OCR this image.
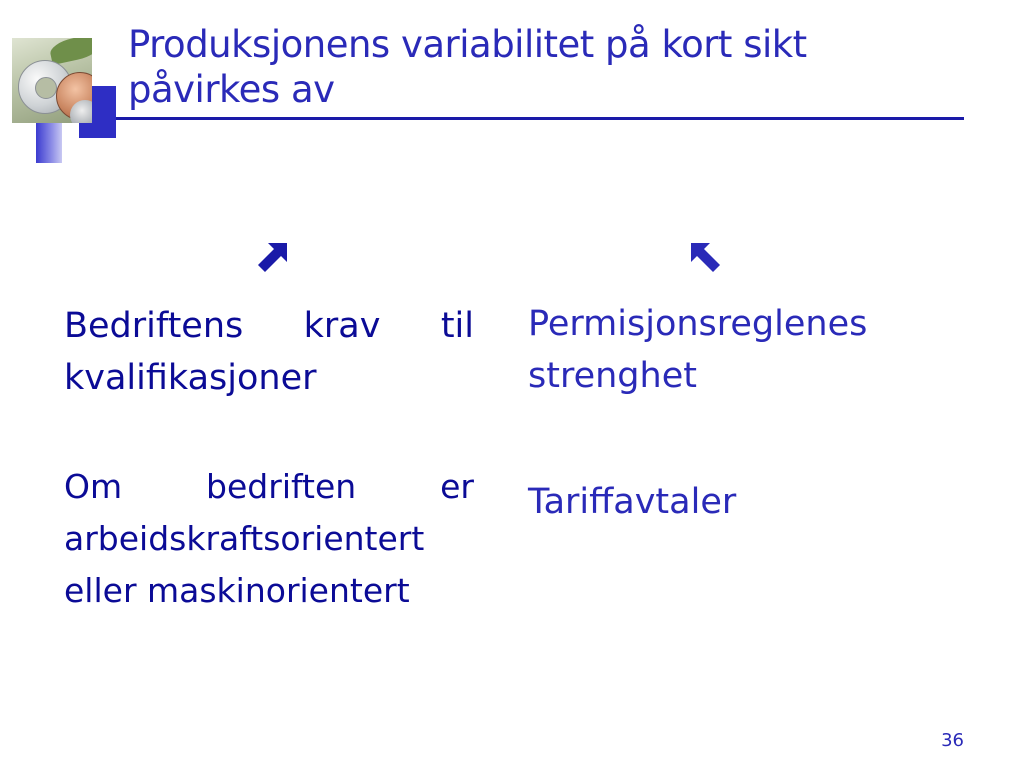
Produksjonens variabilitet på kort sikt
påvirkes av

Bedriftens krav til kvalifikasjoner

Om bedriften er arbeidskraftsorientert eller maskinorientert

Permisjonsreglenes strenghet

Tariffavtaler

36
